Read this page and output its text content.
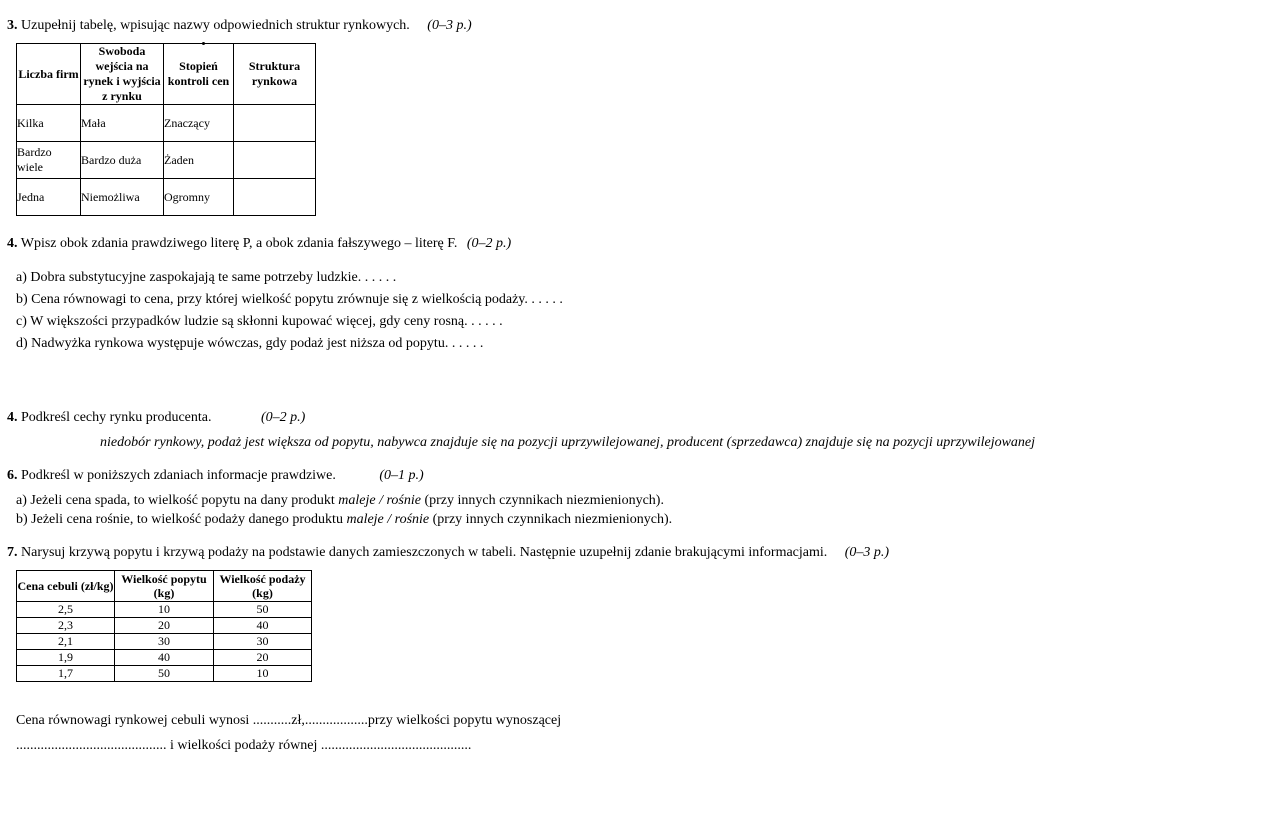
3. Uzupełnij tabelę, wpisując nazwy odpowiednich struktur rynkowych. (0–3 p.)
Liczba firm	Swoboda wejścia na rynek i wyjścia z rynku	Stopień kontroli cen	Struktura rynkowa
Kilka	Mała	Znaczący	
Bardzo wiele	Bardzo duża	Żaden	
Jedna	Niemożliwa	Ogromny	
4. Wpisz obok zdania prawdziwego literę P, a obok zdania fałszywego – literę F. (0–2 p.)
a) Dobra substytucyjne zaspokajają te same potrzeby ludzkie. . . . . .
b) Cena równowagi to cena, przy której wielkość popytu zrównuje się z wielkością podaży. . . . . .
c) W większości przypadków ludzie są skłonni kupować więcej, gdy ceny rosną. . . . . .
d) Nadwyżka rynkowa występuje wówczas, gdy podaż jest niższa od popytu. . . . . .
4. Podkreśl cechy rynku producenta.	(0–2 p.)
niedobór rynkowy, podaż jest większa od popytu, nabywca znajduje się na pozycji uprzywilejowanej, producent (sprzedawca) znajduje się na pozycji uprzywilejowanej
6. Podkreśl w poniższych zdaniach informacje prawdziwe.	(0–1 p.)
a) Jeżeli cena spada, to wielkość popytu na dany produkt maleje / rośnie (przy innych czynnikach niezmienionych).
b) Jeżeli cena rośnie, to wielkość podaży danego produktu maleje / rośnie (przy innych czynnikach niezmienionych).
7. Narysuj krzywą popytu i krzywą podaży na podstawie danych zamieszczonych w tabeli. Następnie uzupełnij zdanie brakującymi informacjami. (0–3 p.)
Cena cebuli (zł/kg)	Wielkość popytu (kg)	Wielkość podaży (kg)
2,5	10	50
2,3	20	40
2,1	30	30
1,9	40	20
1,7	50	10
Cena równowagi rynkowej cebuli wynosi ...........zł,..................przy wielkości popytu wynoszącej
........................................... i wielkości podaży równej ...........................................
